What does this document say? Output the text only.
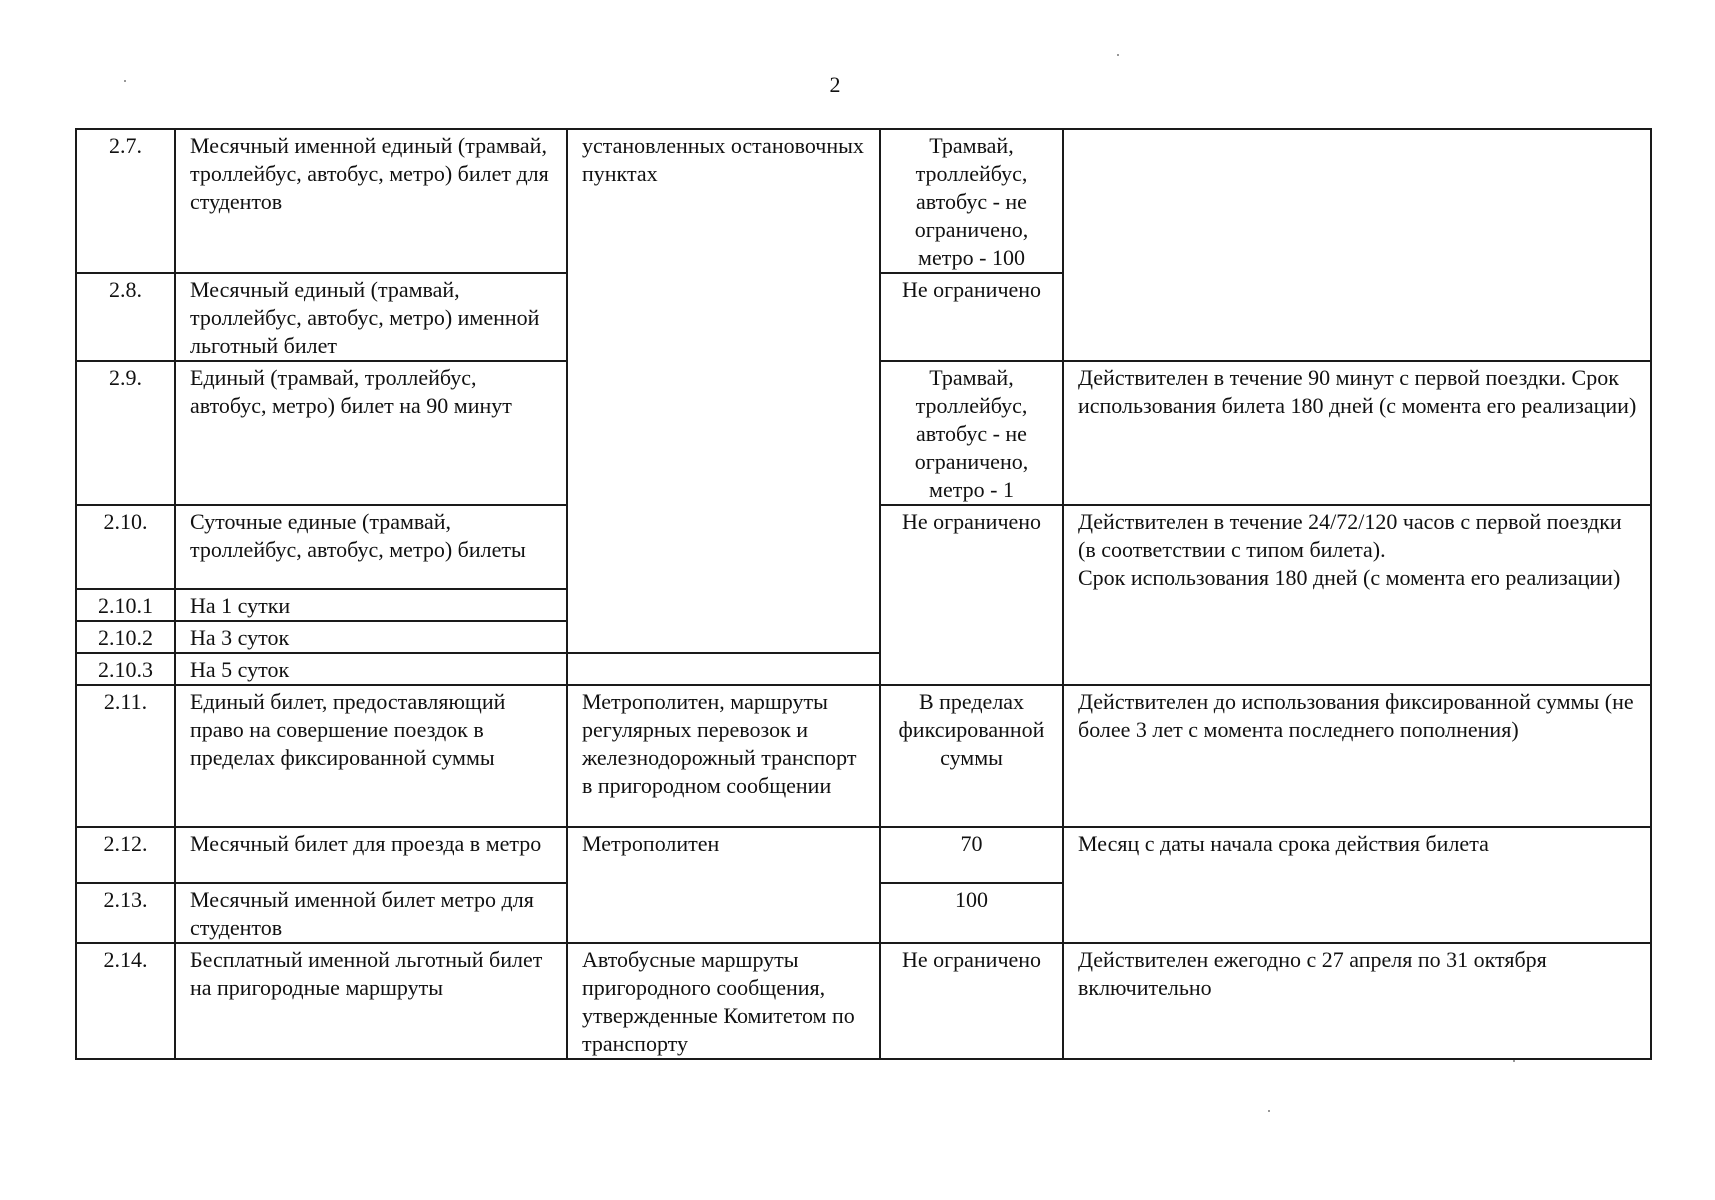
2
2.7.	Месячный именной единый (трамвай, троллейбус, автобус, метро) билет для студентов	установленных остановочных пунктах	Трамвай,
троллейбус,
автобус - не
ограничено,
метро - 100	

2.8.	Месячный единый (трамвай, троллейбус, автобус, метро) именной льготный билет		Не ограничено	
2.9.	Единый (трамвай, троллейбус, автобус, метро) билет на 90 минут		Трамвай,
троллейбус,
автобус - не
ограничено,
метро - 1	Действителен в течение 90 минут с первой поездки. Срок использования билета 180 дней (с момента его реализации)
2.10.	Суточные единые (трамвай, троллейбус, автобус, метро) билеты		Не ограничено	Действителен в течение 24/72/120 часов с первой поездки (в соответствии с типом билета).
Срок использования 180 дней (с момента его реализации)

2.10.1	На 1 сутки			
2.10.2	На 3 суток			
2.10.3	На 5 суток			
2.11.	Единый билет, предоставляющий право на совершение поездок в пределах фиксированной суммы	Метрополитен, маршруты регулярных перевозок и железнодорожный транспорт в пригородном сообщении	В пределах
фиксированной
суммы	Действителен до использования фиксированной суммы (не более 3 лет с момента последнего пополнения)
2.12.	Месячный билет для проезда в метро	Метрополитен	70	Месяц с даты начала срока действия билета
2.13.	Месячный именной билет метро для студентов		100	
2.14.	Бесплатный именной льготный билет на пригородные маршруты	Автобусные маршруты пригородного сообщения, утвержденные Комитетом по транспорту	Не ограничено	Действителен ежегодно с 27 апреля по 31 октября включительно
